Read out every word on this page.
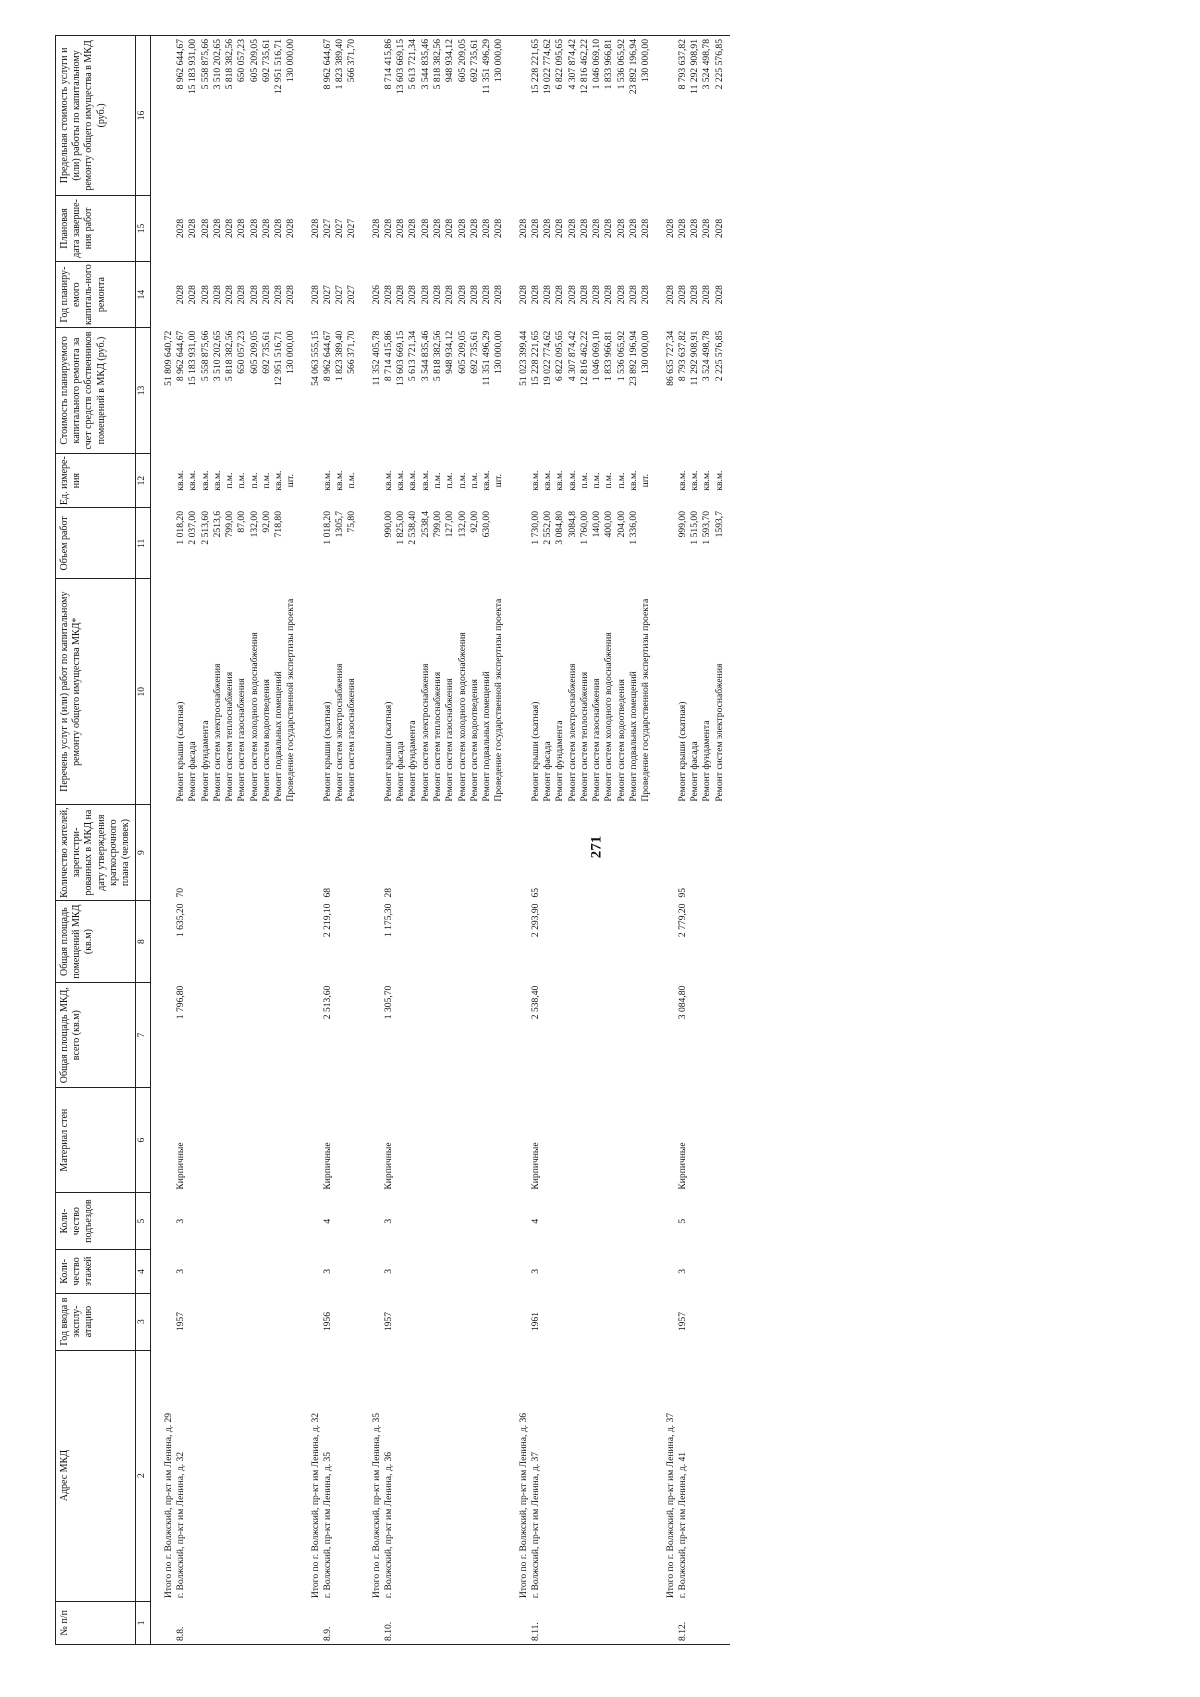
271
№ п/п	Адрес МКД	Год ввода в эксплу-атацию	Коли-чество этажей	Коли-чество подъездов	Материал стен	Общая площадь МКД, всего (кв.м)	Общая площадь помещений МКД (кв.м)	Количество жителей, зарегистри-рованных в МКД на дату утверждения краткосрочного плана (человек)	Перечень услуг и (или) работ по капитальному ремонту общего имущества МКД*	Объем работ	Ед. измере-ния	Стоимость планируемого капитального ремонта за счет средств собственников помещений в МКД (руб.)	Год планиру-емого капиталь-ного ремонта	Плановая дата заверше-ния работ	Предельная стоимость услуги и (или) работы по капитальному ремонту общего имущества в МКД (руб.)
1	2	3	4	5	6	7	8	9	10	11	12	13	14	15	16

	Итого по г. Волжский, пр-кт им Ленина, д. 29											51 809 640,72			
8.8.	г. Волжский, пр-кт им Ленина, д. 32	1957	3	3	Кирпичные	1 796,80	1 635,20	70	Ремонт крыши (скатная)	1 018,20	кв.м.	8 962 644,67	2028	2028	8 962 644,67
									Ремонт фасада	2 037,00	кв.м.	15 183 931,00	2028	2028	15 183 931,00
									Ремонт фундамента	2 513,60	кв.м.	5 558 875,66	2028	2028	5 558 875,66
									Ремонт систем электроснабжения	2513,6	кв.м.	3 510 202,65	2028	2028	3 510 202,65
									Ремонт систем теплоснабжения	799,00	п.м.	5 818 382,56	2028	2028	5 818 382,56
									Ремонт систем газоснабжения	87,00	п.м.	650 057,23	2028	2028	650 057,23
									Ремонт систем холодного водоснабжения	132,00	п.м.	605 209,05	2028	2028	605 209,05
									Ремонт систем водоотведения	92,00	п.м.	692 735,61	2028	2028	692 735,61
									Ремонт подвальных помещений	718,80	кв.м.	12 951 516,71	2028	2028	12 951 516,71
									Проведение государственной экспертизы проекта		шт.	130 000,00	2028	2028	130 000,00

	Итого по г. Волжский, пр-кт им Ленина, д. 32											54 063 555,15	2028	2028	
8.9.	г. Волжский, пр-кт им Ленина, д. 35	1956	3	4	Кирпичные	2 513,60	2 219,10	68	Ремонт крыши (скатная)	1 018,20	кв.м.	8 962 644,67	2027	2027	8 962 644,67
									Ремонт систем электроснабжения	1305,7	кв.м.	1 823 389,40	2027	2027	1 823 389,40
									Ремонт систем газоснабжения	75,80	п.м.	566 371,70	2027	2027	566 371,70

	Итого по г. Волжский, пр-кт им Ленина, д. 35											11 352 405,78	2026	2028	
8.10.	г. Волжский, пр-кт им Ленина, д. 36	1957	3	3	Кирпичные	1 305,70	1 175,30	28	Ремонт крыши (скатная)	990,00	кв.м.	8 714 415,86	2028	2028	8 714 415,86
									Ремонт фасада	1 825,00	кв.м.	13 603 669,15	2028	2028	13 603 669,15
									Ремонт фундамента	2 538,40	кв.м.	5 613 721,34	2028	2028	5 613 721,34
									Ремонт систем электроснабжения	2538,4	кв.м.	3 544 835,46	2028	2028	3 544 835,46
									Ремонт систем теплоснабжения	799,00	п.м.	5 818 382,56	2028	2028	5 818 382,56
									Ремонт систем газоснабжения	127,00	п.м.	948 934,12	2028	2028	948 934,12
									Ремонт систем холодного водоснабжения	132,00	п.м.	605 209,05	2028	2028	605 209,05
									Ремонт систем водоотведения	92,00	п.м.	692 735,61	2028	2028	692 735,61
									Ремонт подвальных помещений	630,00	кв.м.	11 351 496,29	2028	2028	11 351 496,29
									Проведение государственной экспертизы проекта		шт.	130 000,00	2028	2028	130 000,00

	Итого по г. Волжский, пр-кт им Ленина, д. 36											51 023 399,44	2028	2028	
8.11.	г. Волжский, пр-кт им Ленина, д. 37	1961	3	4	Кирпичные	2 538,40	2 293,90	65	Ремонт крыши (скатная)	1 730,00	кв.м.	15 228 221,65	2028	2028	15 228 221,65
									Ремонт фасада	2 552,00	кв.м.	19 022 774,62	2028	2028	19 022 774,62
									Ремонт фундамента	3 084,80	кв.м.	6 822 095,65	2028	2028	6 822 095,65
									Ремонт систем электроснабжения	3084,8	кв.м.	4 307 874,42	2028	2028	4 307 874,42
									Ремонт систем теплоснабжения	1 760,00	п.м.	12 816 462,22	2028	2028	12 816 462,22
									Ремонт систем газоснабжения	140,00	п.м.	1 046 069,10	2028	2028	1 046 069,10
									Ремонт систем холодного водоснабжения	400,00	п.м.	1 833 966,81	2028	2028	1 833 966,81
									Ремонт систем водоотведения	204,00	п.м.	1 536 065,92	2028	2028	1 536 065,92
									Ремонт подвальных помещений	1 336,00	кв.м.	23 892 196,94	2028	2028	23 892 196,94
									Проведение государственной экспертизы проекта		шт.	130 000,00	2028	2028	130 000,00

	Итого по г. Волжский, пр-кт им Ленина, д. 37											86 635 727,34	2028	2028	
8.12.	г. Волжский, пр-кт им Ленина, д. 41	1957	3	5	Кирпичные	3 084,80	2 779,20	95	Ремонт крыши (скатная)	999,00	кв.м.	8 793 637,82	2028	2028	8 793 637,82
									Ремонт фасада	1 515,00	кв.м.	11 292 908,91	2028	2028	11 292 908,91
									Ремонт фундамента	1 593,70	кв.м.	3 524 498,78	2028	2028	3 524 498,78
									Ремонт систем электроснабжения	1593,7	кв.м.	2 225 576,85	2028	2028	2 225 576,85
